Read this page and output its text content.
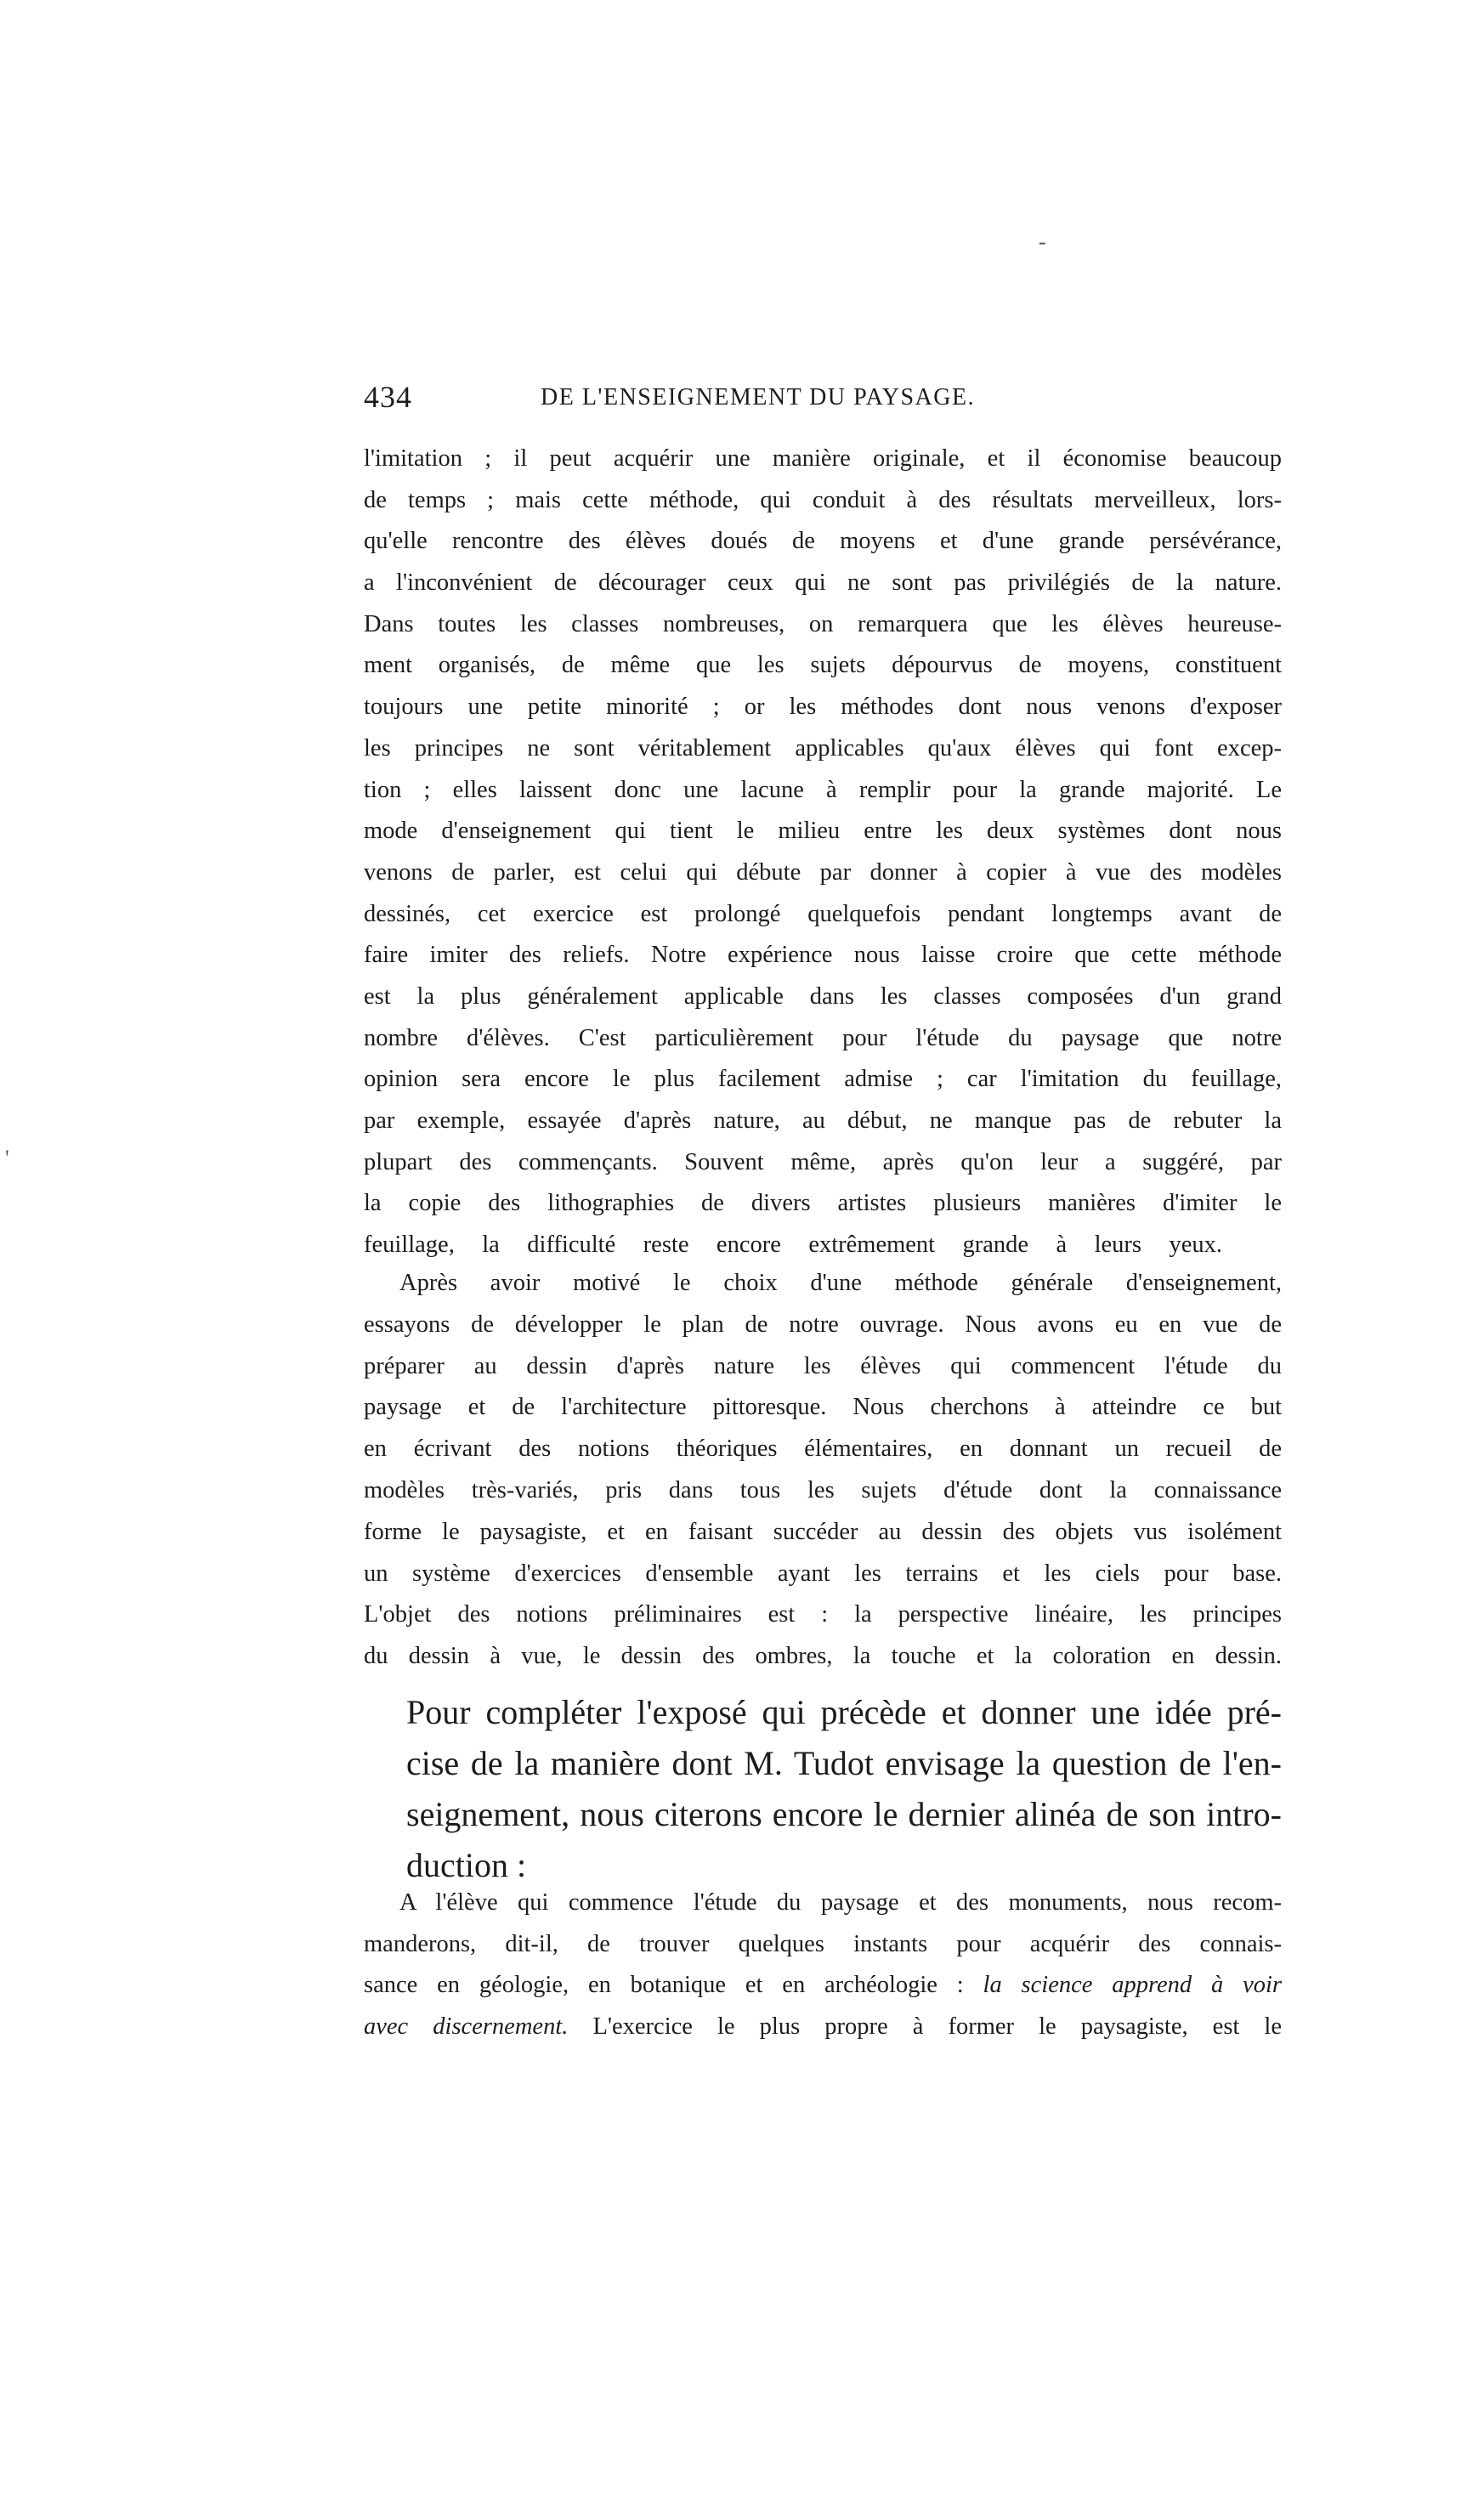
-
'
434	DE L'ENSEIGNEMENT DU PAYSAGE.
l'imitation ; il peut acquérir une manière originale, et il économise beaucoup
de temps ; mais cette méthode, qui conduit à des résultats merveilleux, lors-
qu'elle rencontre des élèves doués de moyens et d'une grande persévérance,
a l'inconvénient de décourager ceux qui ne sont pas privilégiés de la nature.
Dans toutes les classes nombreuses, on remarquera que les élèves heureuse-
ment organisés, de même que les sujets dépourvus de moyens, constituent
toujours une petite minorité ; or les méthodes dont nous venons d'exposer
les principes ne sont véritablement applicables qu'aux élèves qui font excep-
tion ; elles laissent donc une lacune à remplir pour la grande majorité. Le
mode d'enseignement qui tient le milieu entre les deux systèmes dont nous
venons de parler, est celui qui débute par donner à copier à vue des modèles
dessinés, cet exercice est prolongé quelquefois pendant longtemps avant de
faire imiter des reliefs. Notre expérience nous laisse croire que cette méthode
est la plus généralement applicable dans les classes composées d'un grand
nombre d'élèves. C'est particulièrement pour l'étude du paysage que notre
opinion sera encore le plus facilement admise ; car l'imitation du feuillage,
par exemple, essayée d'après nature, au début, ne manque pas de rebuter la
plupart des commençants. Souvent même, après qu'on leur a suggéré, par
la copie des lithographies de divers artistes plusieurs manières d'imiter le
feuillage, la difficulté reste encore extrêmement grande à leurs yeux.
Après avoir motivé le choix d'une méthode générale d'enseignement,
essayons de développer le plan de notre ouvrage. Nous avons eu en vue de
préparer au dessin d'après nature les élèves qui commencent l'étude du
paysage et de l'architecture pittoresque. Nous cherchons à atteindre ce but
en écrivant des notions théoriques élémentaires, en donnant un recueil de
modèles très-variés, pris dans tous les sujets d'étude dont la connaissance
forme le paysagiste, et en faisant succéder au dessin des objets vus isolément
un système d'exercices d'ensemble ayant les terrains et les ciels pour base.
L'objet des notions préliminaires est : la perspective linéaire, les principes
du dessin à vue, le dessin des ombres, la touche et la coloration en dessin.
Pour compléter l'exposé qui précède et donner une idée pré-
cise de la manière dont M. Tudot envisage la question de l'en-
seignement, nous citerons encore le dernier alinéa de son intro-
duction :
A l'élève qui commence l'étude du paysage et des monuments, nous recom-
manderons, dit-il, de trouver quelques instants pour acquérir des connais-
sance en géologie, en botanique et en archéologie : la science apprend à voir
avec discernement. L'exercice le plus propre à former le paysagiste, est le
